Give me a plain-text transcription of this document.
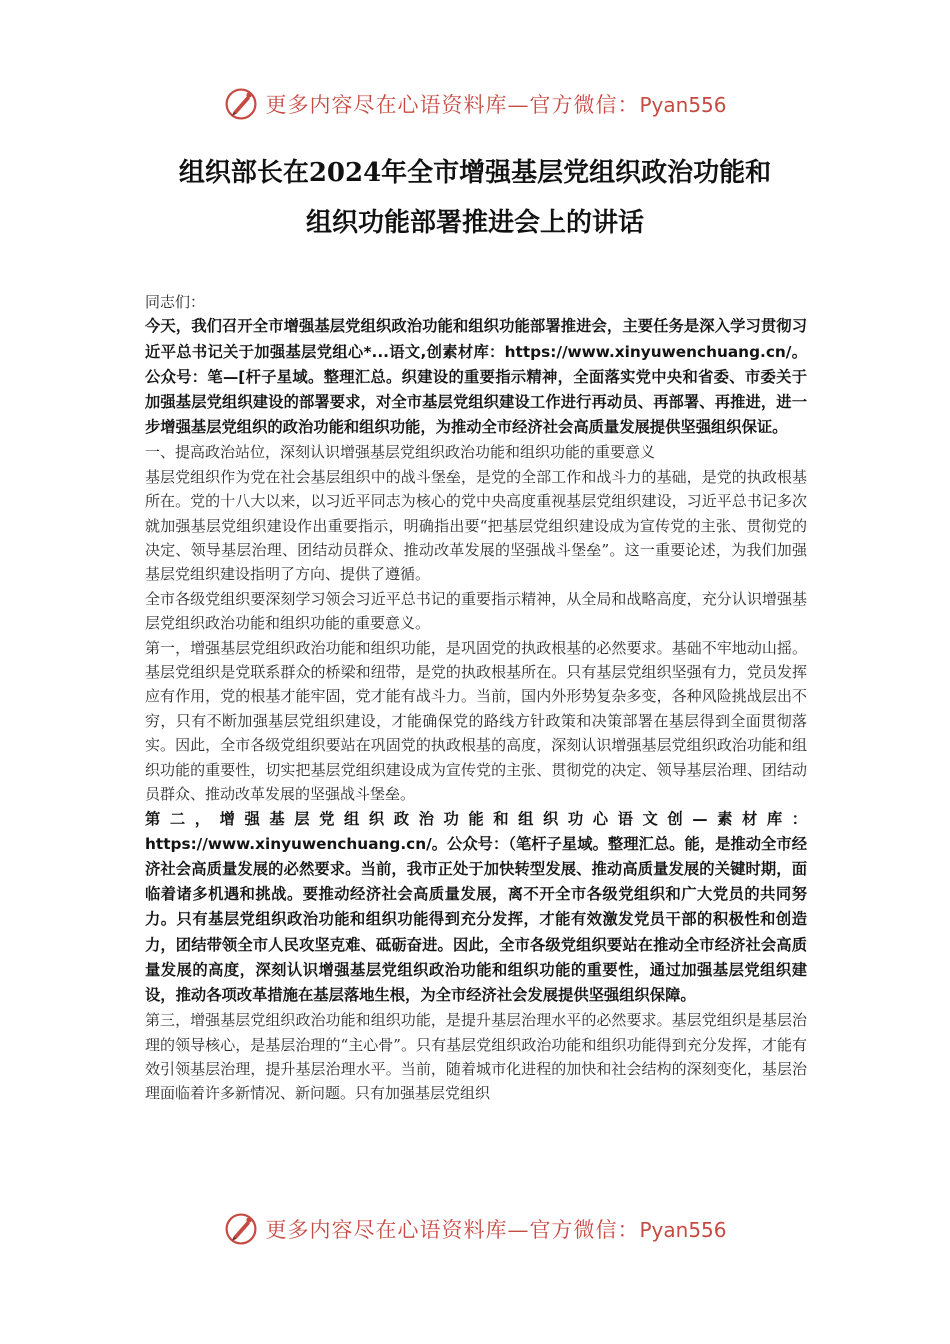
更多内容尽在心语资料库—官方微信：Pyan556
组织部长在2024年全市增强基层党组织政治功能和
组织功能部署推进会上的讲话

同志们：

今天，我们召开全市增强基层党组织政治功能和组织功能部署推进会，主要任务是深入学习贯彻习近平总书记关于加强基层党组心*...语文,创素材库：https://www.xinyuwenchuang.cn/。公众号：笔—[杆子星域。整理汇总。织建设的重要指示精神，全面落实党中央和省委、市委关于加强基层党组织建设的部署要求，对全市基层党组织建设工作进行再动员、再部署、再推进，进一步增强基层党组织的政治功能和组织功能，为推动全市经济社会高质量发展提供坚强组织保证。

一、提高政治站位，深刻认识增强基层党组织政治功能和组织功能的重要意义

基层党组织作为党在社会基层组织中的战斗堡垒，是党的全部工作和战斗力的基础，是党的执政根基所在。党的十八大以来，以习近平同志为核心的党中央高度重视基层党组织建设，习近平总书记多次就加强基层党组织建设作出重要指示，明确指出要“把基层党组织建设成为宣传党的主张、贯彻党的决定、领导基层治理、团结动员群众、推动改革发展的坚强战斗堡垒”。这一重要论述，为我们加强基层党组织建设指明了方向、提供了遵循。

全市各级党组织要深刻学习领会习近平总书记的重要指示精神，从全局和战略高度，充分认识增强基层党组织政治功能和组织功能的重要意义。

第一，增强基层党组织政治功能和组织功能，是巩固党的执政根基的必然要求。基础不牢地动山摇。基层党组织是党联系群众的桥梁和纽带，是党的执政根基所在。只有基层党组织坚强有力，党员发挥应有作用，党的根基才能牢固，党才能有战斗力。当前，国内外形势复杂多变，各种风险挑战层出不穷，只有不断加强基层党组织建设，才能确保党的路线方针政策和决策部署在基层得到全面贯彻落实。因此，全市各级党组织要站在巩固党的执政根基的高度，深刻认识增强基层党组织政治功能和组织功能的重要性，切实把基层党组织建设成为宣传党的主张、贯彻党的决定、领导基层治理、团结动员群众、推动改革发展的坚强战斗堡垒。

第二，增强基层党组织政治功能和组织功心语文创—素材库：https://www.xinyuwenchuang.cn/。公众号：（笔杆子星域。整理汇总。能，是推动全市经济社会高质量发展的必然要求。当前，我市正处于加快转型发展、推动高质量发展的关键时期，面临着诸多机遇和挑战。要推动经济社会高质量发展，离不开全市各级党组织和广大党员的共同努力。只有基层党组织政治功能和组织功能得到充分发挥，才能有效激发党员干部的积极性和创造力，团结带领全市人民攻坚克难、砥砺奋进。因此，全市各级党组织要站在推动全市经济社会高质量发展的高度，深刻认识增强基层党组织政治功能和组织功能的重要性，通过加强基层党组织建设，推动各项改革措施在基层落地生根，为全市经济社会发展提供坚强组织保障。

第三，增强基层党组织政治功能和组织功能，是提升基层治理水平的必然要求。基层党组织是基层治理的领导核心，是基层治理的“主心骨”。只有基层党组织政治功能和组织功能得到充分发挥，才能有效引领基层治理，提升基层治理水平。当前，随着城市化进程的加快和社会结构的深刻变化，基层治理面临着许多新情况、新问题。只有加强基层党组织

更多内容尽在心语资料库—官方微信：Pyan556
